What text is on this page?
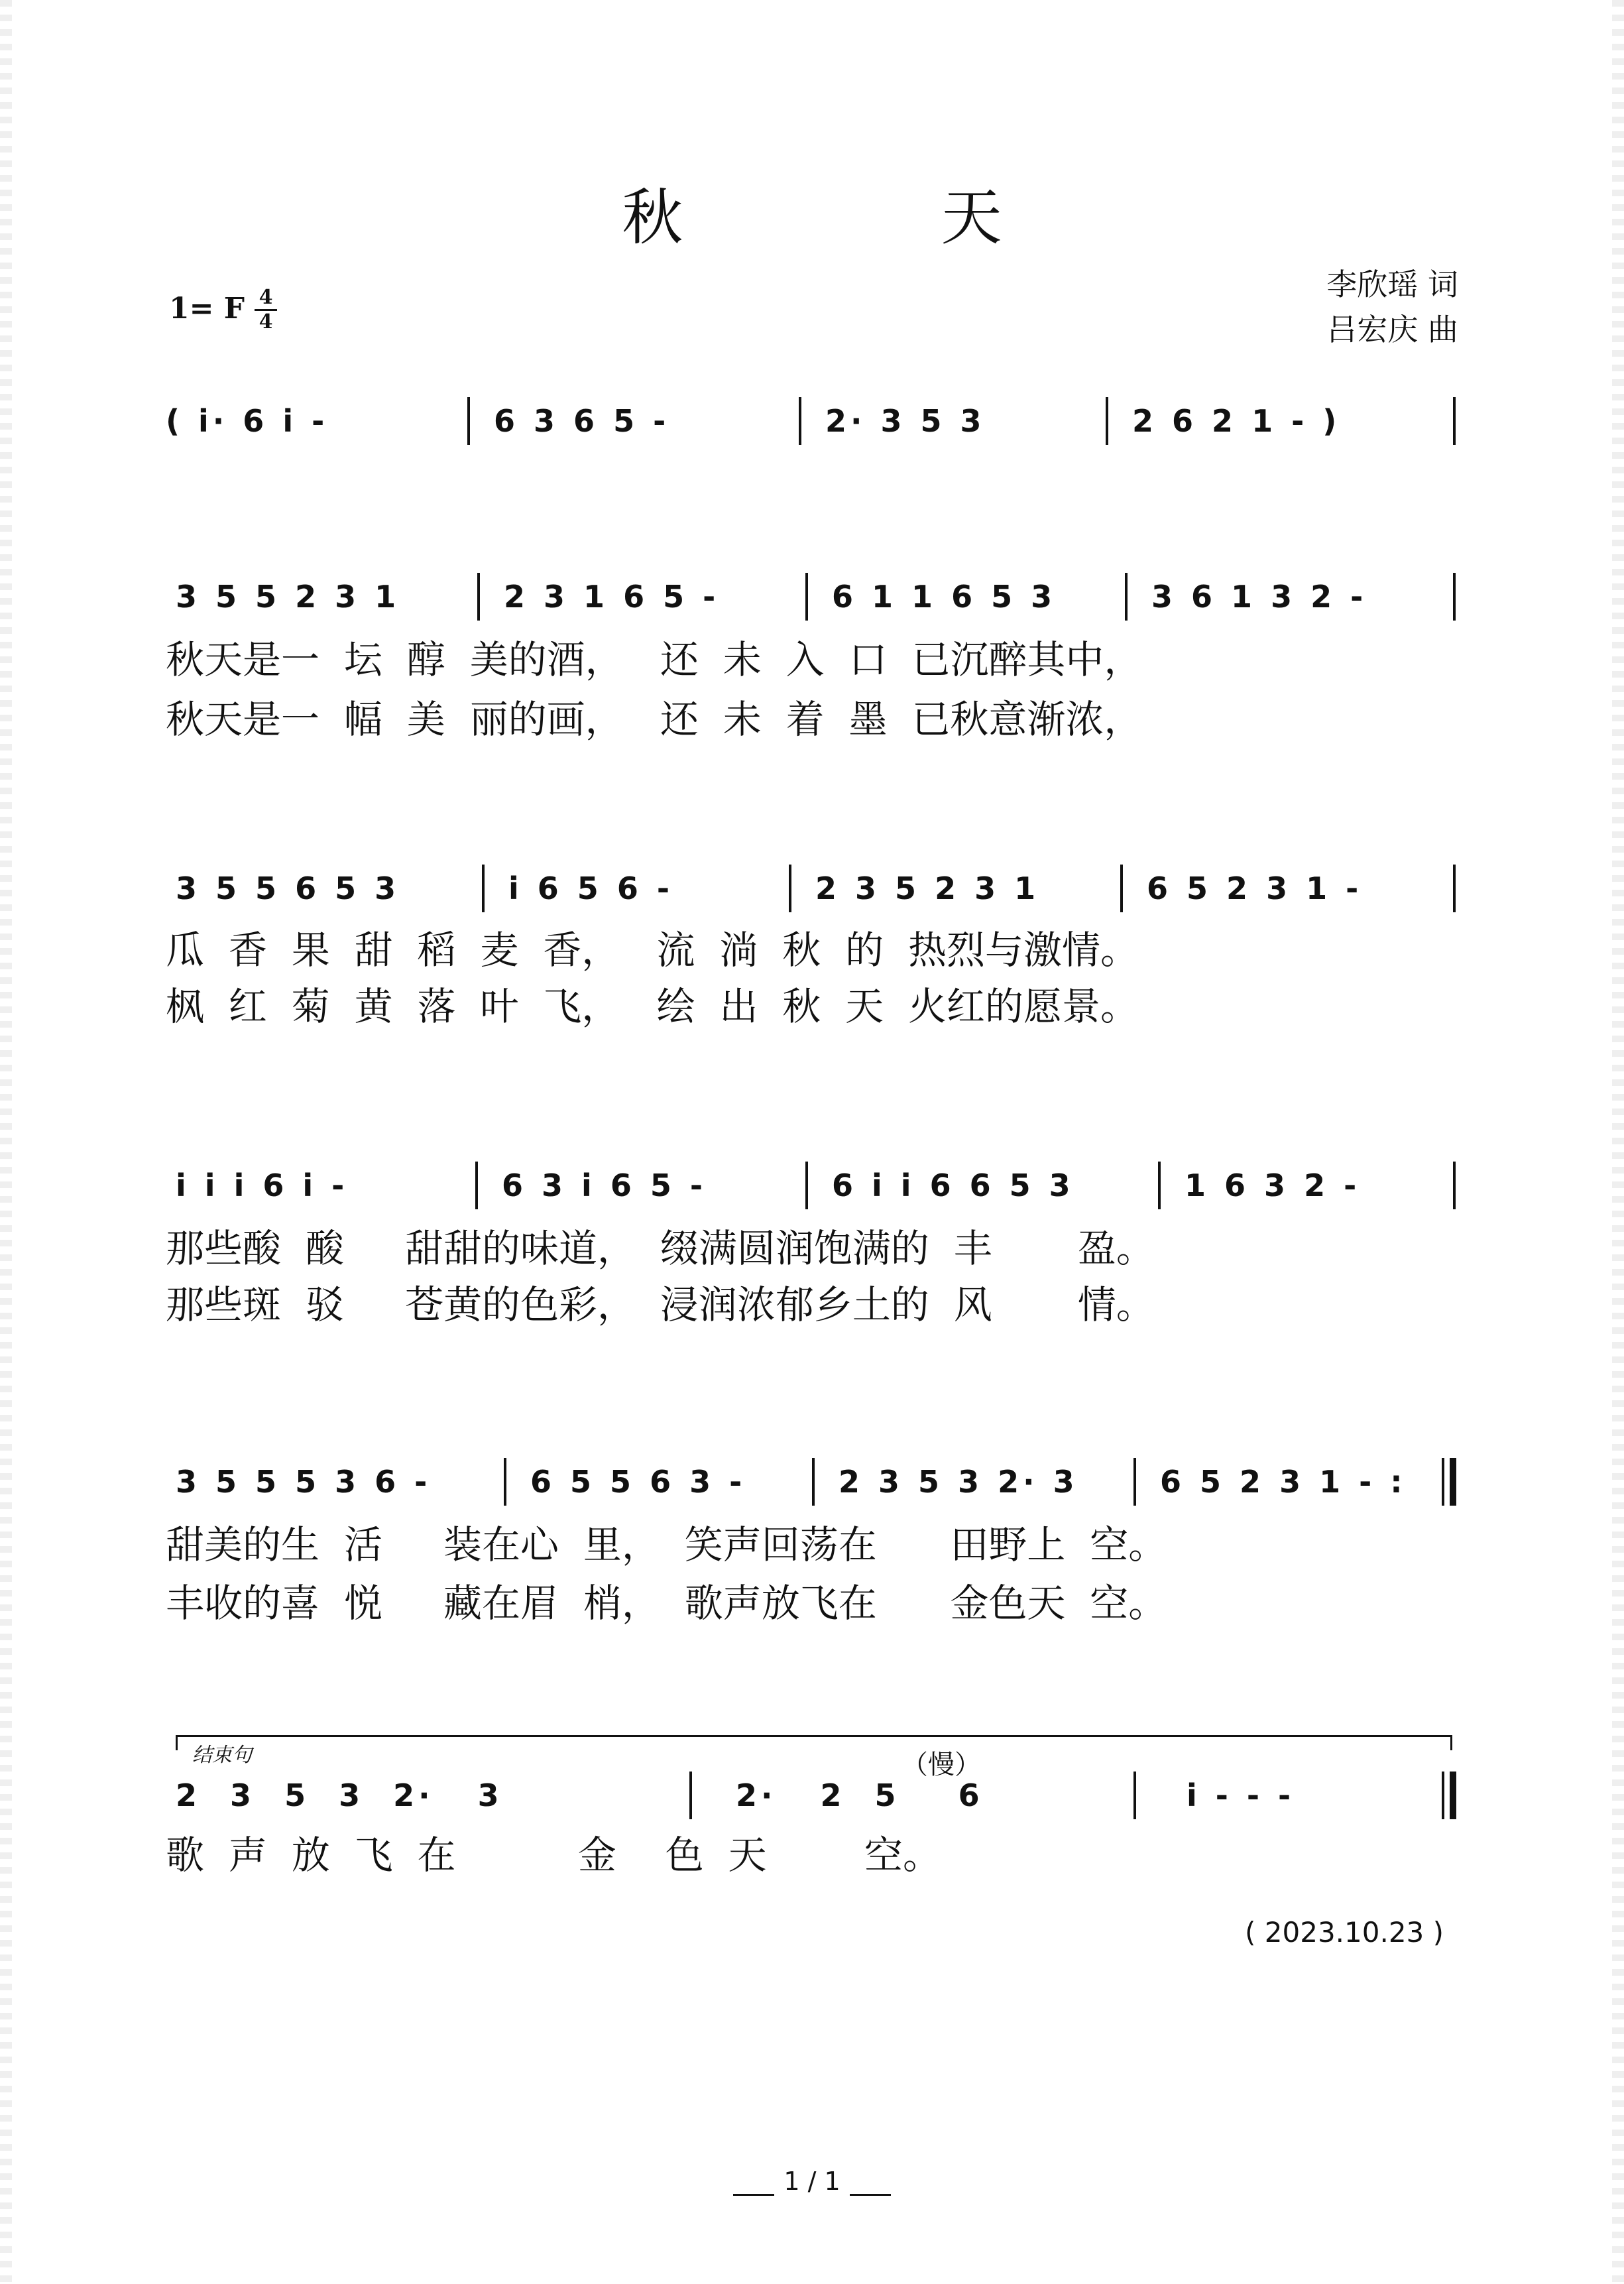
秋 天
1= F 4
4
李欣瑶 词
吕宏庆 曲
( i· 6 i -	6 3 6 5 -	2· 3 5 3	2 6 2 1 - )
3 5 5 2 3 1	2 3 1 6 5 -	6 1 1 6 5 3	3 6 1 3 2 -
秋天是一  坛  醇  美的酒，   还  未  入  口  已沉醉其中，
秋天是一  幅  美  丽的画，   还  未  着  墨  已秋意渐浓，
3 5 5 6 5 3	i 6 5 6 -	2 3 5 2 3 1	6 5 2 3 1 -
瓜  香  果  甜  稻  麦  香，   流  淌  秋  的  热烈与激情。
枫  红  菊  黄  落  叶  飞，   绘  出  秋  天  火红的愿景。
i i i 6 i -	6 3 i 6 5 -	6 i i 6 6 5 3	1 6 3 2 -
那些酸  酸     甜甜的味道，  缀满圆润饱满的  丰       盈。
那些斑  驳     苍黄的色彩，  浸润浓郁乡土的  风       情。
3 5 5 5 3 6 -	6 5 5 6 3 -	2 3 5 3 2· 3	6 5 2 3 1 - :
甜美的生  活     装在心  里，  笑声回荡在      田野上  空。
丰收的喜  悦     藏在眉  梢，  歌声放飞在      金色天  空。
结束句	（慢）
2  3  5  3  2·   3	2·   2  5    6	i - - -
歌  声  放  飞  在          金    色  天        空。
( 2023.10.23 )
1 / 1
